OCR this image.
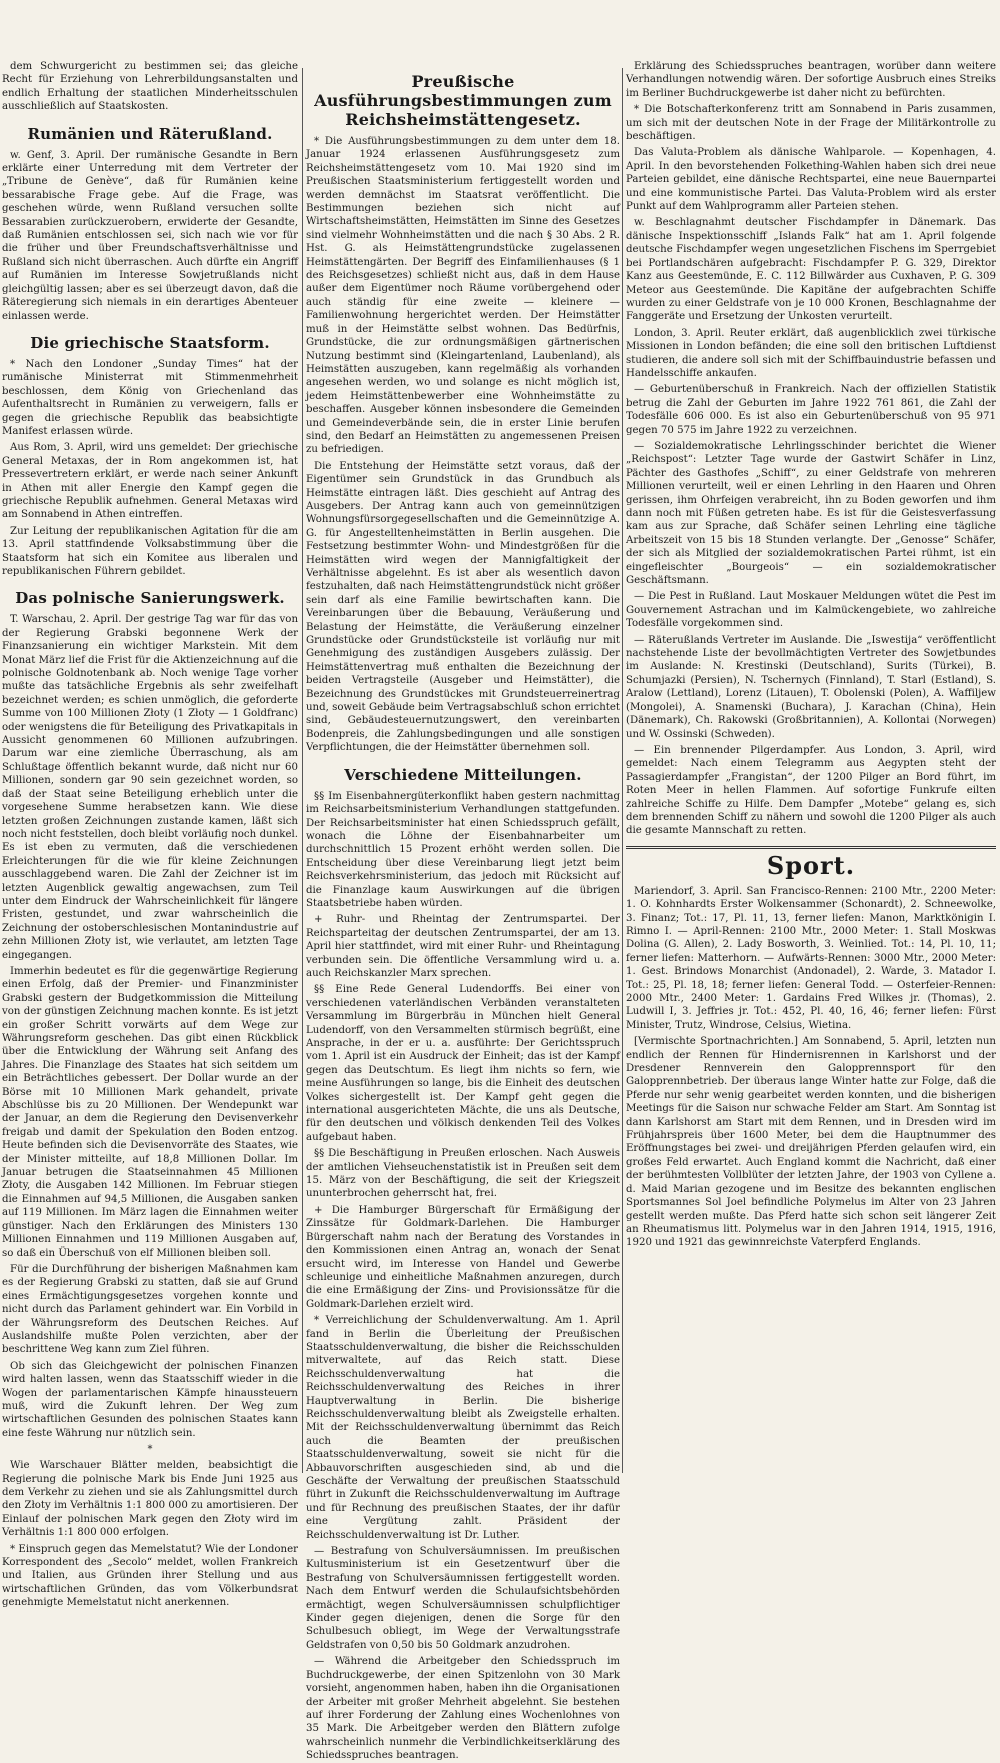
dem Schwurgericht zu bestimmen sei; das gleiche Recht für Erziehung von Lehrerbildungsanstalten und endlich Erhaltung der staatlichen Minderheitsschulen ausschließlich auf Staatskosten.

Rumänien und Räterußland.

w. Genf, 3. April. Der rumänische Gesandte in Bern erklärte einer Unterredung mit dem Vertreter der „Tribune de Genève“, daß für Rumänien keine bessarabische Frage gebe. Auf die Frage, was geschehen würde, wenn Rußland versuchen sollte Bessarabien zurückzuerobern, erwiderte der Gesandte, daß Rumänien entschlossen sei, sich nach wie vor für die früher und über Freundschaftsverhältnisse und Rußland sich nicht überraschen. Auch dürfte ein Angriff auf Rumänien im Interesse Sowjetrußlands nicht gleichgültig lassen; aber es sei überzeugt davon, daß die Räteregierung sich niemals in ein derartiges Abenteuer einlassen werde.

Die griechische Staatsform.

* Nach den Londoner „Sunday Times“ hat der rumänische Ministerrat mit Stimmenmehrheit beschlossen, dem König von Griechenland das Aufenthaltsrecht in Rumänien zu verweigern, falls er gegen die griechische Republik das beabsichtigte Manifest erlassen würde.

Aus Rom, 3. April, wird uns gemeldet: Der griechische General Metaxas, der in Rom angekommen ist, hat Pressevertretern erklärt, er werde nach seiner Ankunft in Athen mit aller Energie den Kampf gegen die griechische Republik aufnehmen. General Metaxas wird am Sonnabend in Athen eintreffen.

Zur Leitung der republikanischen Agitation für die am 13. April stattfindende Volksabstimmung über die Staatsform hat sich ein Komitee aus liberalen und republikanischen Führern gebildet.

Das polnische Sanierungswerk.

T. Warschau, 2. April. Der gestrige Tag war für das von der Regierung Grabski begonnene Werk der Finanzsanierung ein wichtiger Markstein. Mit dem Monat März lief die Frist für die Aktienzeichnung auf die polnische Goldnotenbank ab. Noch wenige Tage vorher mußte das tatsächliche Ergebnis als sehr zweifelhaft bezeichnet werden; es schien unmöglich, die geforderte Summe von 100 Millionen Złoty (1 Złoty — 1 Goldfranc) oder wenigstens die für Beteiligung des Privatkapitals in Aussicht genommenen 60 Millionen aufzubringen. Darum war eine ziemliche Überraschung, als am Schlußtage öffentlich bekannt wurde, daß nicht nur 60 Millionen, sondern gar 90 sein gezeichnet worden, so daß der Staat seine Beteiligung erheblich unter die vorgesehene Summe herabsetzen kann. Wie diese letzten großen Zeichnungen zustande kamen, läßt sich noch nicht feststellen, doch bleibt vorläufig noch dunkel. Es ist eben zu vermuten, daß die verschiedenen Erleichterungen für die wie für kleine Zeichnungen ausschlaggebend waren. Die Zahl der Zeichner ist im letzten Augenblick gewaltig angewachsen, zum Teil unter dem Eindruck der Wahrscheinlichkeit für längere Fristen, gestundet, und zwar wahrscheinlich die Zeichnung der ostoberschlesischen Montanindustrie auf zehn Millionen Złoty ist, wie verlautet, am letzten Tage eingegangen.

Immerhin bedeutet es für die gegenwärtige Regierung einen Erfolg, daß der Premier- und Finanzminister Grabski gestern der Budgetkommission die Mitteilung von der günstigen Zeichnung machen konnte. Es ist jetzt ein großer Schritt vorwärts auf dem Wege zur Währungsreform geschehen. Das gibt einen Rückblick über die Entwicklung der Währung seit Anfang des Jahres. Die Finanzlage des Staates hat sich seitdem um ein Beträchtliches gebessert. Der Dollar wurde an der Börse mit 10 Millionen Mark gehandelt, private Abschlüsse bis zu 20 Millionen. Der Wendepunkt war der Januar, an dem die Regierung den Devisenverkehr freigab und damit der Spekulation den Boden entzog. Heute befinden sich die Devisenvorräte des Staates, wie der Minister mitteilte, auf 18,8 Millionen Dollar. Im Januar betrugen die Staatseinnahmen 45 Millionen Złoty, die Ausgaben 142 Millionen. Im Februar stiegen die Einnahmen auf 94,5 Millionen, die Ausgaben sanken auf 119 Millionen. Im März lagen die Einnahmen weiter günstiger. Nach den Erklärungen des Ministers 130 Millionen Einnahmen und 119 Millionen Ausgaben auf, so daß ein Überschuß von elf Millionen bleiben soll.

Für die Durchführung der bisherigen Maßnahmen kam es der Regierung Grabski zu statten, daß sie auf Grund eines Ermächtigungsgesetzes vorgehen konnte und nicht durch das Parlament gehindert war. Ein Vorbild in der Währungsreform des Deutschen Reiches. Auf Auslandshilfe mußte Polen verzichten, aber der beschrittene Weg kann zum Ziel führen.

Ob sich das Gleichgewicht der polnischen Finanzen wird halten lassen, wenn das Staatsschiff wieder in die Wogen der parlamentarischen Kämpfe hinaussteuern muß, wird die Zukunft lehren. Der Weg zum wirtschaftlichen Gesunden des polnischen Staates kann eine feste Währung nur nützlich sein.

*

Wie Warschauer Blätter melden, beabsichtigt die Regierung die polnische Mark bis Ende Juni 1925 aus dem Verkehr zu ziehen und sie als Zahlungsmittel durch den Złoty im Verhältnis 1:1 800 000 zu amortisieren. Der Einlauf der polnischen Mark gegen den Złoty wird im Verhältnis 1:1 800 000 erfolgen.

* Einspruch gegen das Memelstatut? Wie der Londoner Korrespondent des „Secolo“ meldet, wollen Frankreich und Italien, aus Gründen ihrer Stellung und aus wirtschaftlichen Gründen, das vom Völkerbundsrat genehmigte Memelstatut nicht anerkennen.

Preußische Ausführungsbestimmungen zum Reichsheimstättengesetz.

* Die Ausführungsbestimmungen zu dem unter dem 18. Januar 1924 erlassenen Ausführungsgesetz zum Reichsheimstättengesetz vom 10. Mai 1920 sind im Preußischen Staatsministerium fertiggestellt worden und werden demnächst im Staatsrat veröffentlicht. Die Bestimmungen beziehen sich nicht auf Wirtschaftsheimstätten, Heimstätten im Sinne des Gesetzes sind vielmehr Wohnheimstätten und die nach § 30 Abs. 2 R. Hst. G. als Heimstättengrundstücke zugelassenen Heimstättengärten. Der Begriff des Einfamilienhauses (§ 1 des Reichsgesetzes) schließt nicht aus, daß in dem Hause außer dem Eigentümer noch Räume vorübergehend oder auch ständig für eine zweite — kleinere — Familienwohnung hergerichtet werden. Der Heimstätter muß in der Heimstätte selbst wohnen. Das Bedürfnis, Grundstücke, die zur ordnungsmäßigen gärtnerischen Nutzung bestimmt sind (Kleingartenland, Laubenland), als Heimstätten auszugeben, kann regelmäßig als vorhanden angesehen werden, wo und solange es nicht möglich ist, jedem Heimstättenbewerber eine Wohnheimstätte zu beschaffen. Ausgeber können insbesondere die Gemeinden und Gemeindeverbände sein, die in erster Linie berufen sind, den Bedarf an Heimstätten zu angemessenen Preisen zu befriedigen.

Die Entstehung der Heimstätte setzt voraus, daß der Eigentümer sein Grundstück in das Grundbuch als Heimstätte eintragen läßt. Dies geschieht auf Antrag des Ausgebers. Der Antrag kann auch von gemeinnützigen Wohnungsfürsorgegesellschaften und die Gemeinnützige A. G. für Angestelltenheimstätten in Berlin ausgehen. Die Festsetzung bestimmter Wohn- und Mindestgrößen für die Heimstätten wird wegen der Mannigfaltigkeit der Verhältnisse abgelehnt. Es ist aber als wesentlich davon festzuhalten, daß nach Heimstättengrundstück nicht größer sein darf als eine Familie bewirtschaften kann. Die Vereinbarungen über die Bebauung, Veräußerung und Belastung der Heimstätte, die Veräußerung einzelner Grundstücke oder Grundstücksteile ist vorläufig nur mit Genehmigung des zuständigen Ausgebers zulässig. Der Heimstättenvertrag muß enthalten die Bezeichnung der beiden Vertragsteile (Ausgeber und Heimstätter), die Bezeichnung des Grundstückes mit Grundsteuerreinertrag und, soweit Gebäude beim Vertragsabschluß schon errichtet sind, Gebäudesteuernutzungswert, den vereinbarten Bodenpreis, die Zahlungsbedingungen und alle sonstigen Verpflichtungen, die der Heimstätter übernehmen soll.

Verschiedene Mitteilungen.

§§ Im Eisenbahnergüterkonflikt haben gestern nachmittag im Reichsarbeitsministerium Verhandlungen stattgefunden. Der Reichsarbeitsminister hat einen Schiedsspruch gefällt, wonach die Löhne der Eisenbahnarbeiter um durchschnittlich 15 Prozent erhöht werden sollen. Die Entscheidung über diese Vereinbarung liegt jetzt beim Reichsverkehrsministerium, das jedoch mit Rücksicht auf die Finanzlage kaum Auswirkungen auf die übrigen Staatsbetriebe haben würden.

+ Ruhr- und Rheintag der Zentrumspartei. Der Reichsparteitag der deutschen Zentrumspartei, der am 13. April hier stattfindet, wird mit einer Ruhr- und Rheintagung verbunden sein. Die öffentliche Versammlung wird u. a. auch Reichskanzler Marx sprechen.

§§ Eine Rede General Ludendorffs. Bei einer von verschiedenen vaterländischen Verbänden veranstalteten Versammlung im Bürgerbräu in München hielt General Ludendorff, von den Versammelten stürmisch begrüßt, eine Ansprache, in der er u. a. ausführte: Der Gerichtsspruch vom 1. April ist ein Ausdruck der Einheit; das ist der Kampf gegen das Deutschtum. Es liegt ihm nichts so fern, wie meine Ausführungen so lange, bis die Einheit des deutschen Volkes sichergestellt ist. Der Kampf geht gegen die international ausgerichteten Mächte, die uns als Deutsche, für den deutschen und völkisch denkenden Teil des Volkes aufgebaut haben.

§§ Die Beschäftigung in Preußen erloschen. Nach Ausweis der amtlichen Viehseuchenstatistik ist in Preußen seit dem 15. März von der Beschäftigung, die seit der Kriegszeit ununterbrochen geherrscht hat, frei.

+ Die Hamburger Bürgerschaft für Ermäßigung der Zinssätze für Goldmark-Darlehen. Die Hamburger Bürgerschaft nahm nach der Beratung des Vorstandes in den Kommissionen einen Antrag an, wonach der Senat ersucht wird, im Interesse von Handel und Gewerbe schleunige und einheitliche Maßnahmen anzuregen, durch die eine Ermäßigung der Zins- und Provisionssätze für die Goldmark-Darlehen erzielt wird.

* Verreichlichung der Schuldenverwaltung. Am 1. April fand in Berlin die Überleitung der Preußischen Staatsschuldenverwaltung, die bisher die Reichsschulden mitverwaltete, auf das Reich statt. Diese Reichsschuldenverwaltung hat die Reichsschuldenverwaltung des Reiches in ihrer Hauptverwaltung in Berlin. Die bisherige Reichsschuldenverwaltung bleibt als Zweigstelle erhalten. Mit der Reichsschuldenverwaltung übernimmt das Reich auch die Beamten der preußischen Staatsschuldenverwaltung, soweit sie nicht für die Abbauvorschriften ausgeschieden sind, ab und die Geschäfte der Verwaltung der preußischen Staatsschuld führt in Zukunft die Reichsschuldenverwaltung im Auftrage und für Rechnung des preußischen Staates, der ihr dafür eine Vergütung zahlt. Präsident der Reichsschuldenverwaltung ist Dr. Luther.

— Bestrafung von Schulversäumnissen. Im preußischen Kultusministerium ist ein Gesetzentwurf über die Bestrafung von Schulversäumnissen fertiggestellt worden. Nach dem Entwurf werden die Schulaufsichtsbehörden ermächtigt, wegen Schulversäumnissen schulpflichtiger Kinder gegen diejenigen, denen die Sorge für den Schulbesuch obliegt, im Wege der Verwaltungsstrafe Geldstrafen von 0,50 bis 50 Goldmark anzudrohen.

— Während die Arbeitgeber den Schiedsspruch im Buchdruckgewerbe, der einen Spitzenlohn von 30 Mark vorsieht, angenommen haben, haben ihn die Organisationen der Arbeiter mit großer Mehrheit abgelehnt. Sie bestehen auf ihrer Forderung der Zahlung eines Wochenlohnes von 35 Mark. Die Arbeitgeber werden den Blättern zufolge wahrscheinlich nunmehr die Verbindlichkeitserklärung des Schiedsspruches beantragen.

Erklärung des Schiedsspruches beantragen, worüber dann weitere Verhandlungen notwendig wären. Der sofortige Ausbruch eines Streiks im Berliner Buchdruckgewerbe ist daher nicht zu befürchten.

* Die Botschafterkonferenz tritt am Sonnabend in Paris zusammen, um sich mit der deutschen Note in der Frage der Militärkontrolle zu beschäftigen.

Das Valuta-Problem als dänische Wahlparole. — Kopenhagen, 4. April. In den bevorstehenden Folkething-Wahlen haben sich drei neue Parteien gebildet, eine dänische Rechtspartei, eine neue Bauernpartei und eine kommunistische Partei. Das Valuta-Problem wird als erster Punkt auf dem Wahlprogramm aller Parteien stehen.

w. Beschlagnahmt deutscher Fischdampfer in Dänemark. Das dänische Inspektionsschiff „Islands Falk“ hat am 1. April folgende deutsche Fischdampfer wegen ungesetzlichen Fischens im Sperrgebiet bei Portlandschären aufgebracht: Fischdampfer P. G. 329, Direktor Kanz aus Geestemünde, E. C. 112 Billwärder aus Cuxhaven, P. G. 309 Meteor aus Geestemünde. Die Kapitäne der aufgebrachten Schiffe wurden zu einer Geldstrafe von je 10 000 Kronen, Beschlagnahme der Fanggeräte und Ersetzung der Unkosten verurteilt.

London, 3. April. Reuter erklärt, daß augenblicklich zwei türkische Missionen in London befänden; die eine soll den britischen Luftdienst studieren, die andere soll sich mit der Schiffbauindustrie befassen und Handelsschiffe ankaufen.

— Geburtenüberschuß in Frankreich. Nach der offiziellen Statistik betrug die Zahl der Geburten im Jahre 1922 761 861, die Zahl der Todesfälle 606 000. Es ist also ein Geburtenüberschuß von 95 971 gegen 70 575 im Jahre 1922 zu verzeichnen.

— Sozialdemokratische Lehrlingsschinder berichtet die Wiener „Reichspost“: Letzter Tage wurde der Gastwirt Schäfer in Linz, Pächter des Gasthofes „Schiff“, zu einer Geldstrafe von mehreren Millionen verurteilt, weil er einen Lehrling in den Haaren und Ohren gerissen, ihm Ohrfeigen verabreicht, ihn zu Boden geworfen und ihm dann noch mit Füßen getreten habe. Es ist für die Geistesverfassung kam aus zur Sprache, daß Schäfer seinen Lehrling eine tägliche Arbeitszeit von 15 bis 18 Stunden verlangte. Der „Genosse“ Schäfer, der sich als Mitglied der sozialdemokratischen Partei rühmt, ist ein eingefleischter „Bourgeois“ — ein sozialdemokratischer Geschäftsmann.

— Die Pest in Rußland. Laut Moskauer Meldungen wütet die Pest im Gouvernement Astrachan und im Kalmückengebiete, wo zahlreiche Todesfälle vorgekommen sind.

— Räterußlands Vertreter im Auslande. Die „Iswestija“ veröffentlicht nachstehende Liste der bevollmächtigten Vertreter des Sowjetbundes im Auslande: N. Krestinski (Deutschland), Surits (Türkei), B. Schumjazki (Persien), N. Tschernych (Finnland), T. Starl (Estland), S. Aralow (Lettland), Lorenz (Litauen), T. Obolenski (Polen), A. Waffiljew (Mongolei), A. Snamenski (Buchara), J. Karachan (China), Hein (Dänemark), Ch. Rakowski (Großbritannien), A. Kollontai (Norwegen) und W. Ossinski (Schweden).

— Ein brennender Pilgerdampfer. Aus London, 3. April, wird gemeldet: Nach einem Telegramm aus Aegypten steht der Passagierdampfer „Frangistan“, der 1200 Pilger an Bord führt, im Roten Meer in hellen Flammen. Auf sofortige Funkrufe eilten zahlreiche Schiffe zu Hilfe. Dem Dampfer „Motebe“ gelang es, sich dem brennenden Schiff zu nähern und sowohl die 1200 Pilger als auch die gesamte Mannschaft zu retten.

Sport.

Mariendorf, 3. April. San Francisco-Rennen: 2100 Mtr., 2200 Meter: 1. O. Kohnhardts Erster Wolkensammer (Schonardt), 2. Schneewolke, 3. Finanz; Tot.: 17, Pl. 11, 13, ferner liefen: Manon, Marktkönigin I. Rimno I. — April-Rennen: 2100 Mtr., 2000 Meter: 1. Stall Moskwas Dolina (G. Allen), 2. Lady Bosworth, 3. Weinlied. Tot.: 14, Pl. 10, 11; ferner liefen: Matterhorn. — Aufwärts-Rennen: 3000 Mtr., 2000 Meter: 1. Gest. Brindows Monarchist (Andonadel), 2. Warde, 3. Matador I. Tot.: 25, Pl. 18, 18; ferner liefen: General Todd. — Osterfeier-Rennen: 2000 Mtr., 2400 Meter: 1. Gardains Fred Wilkes jr. (Thomas), 2. Ludwill I, 3. Jeffries jr. Tot.: 452, Pl. 40, 16, 46; ferner liefen: Fürst Minister, Trutz, Windrose, Celsius, Wietina.

[Vermischte Sportnachrichten.] Am Sonnabend, 5. April, letzten nun endlich der Rennen für Hindernisrennen in Karlshorst und der Dresdener Rennverein den Galopprennsport für den Galopprennbetrieb. Der überaus lange Winter hatte zur Folge, daß die Pferde nur sehr wenig gearbeitet werden konnten, und die bisherigen Meetings für die Saison nur schwache Felder am Start. Am Sonntag ist dann Karlshorst am Start mit dem Rennen, und in Dresden wird im Frühjahrspreis über 1600 Meter, bei dem die Hauptnummer des Eröffnungstages bei zwei- und dreijährigen Pferden gelaufen wird, ein großes Feld erwartet. Auch England kommt die Nachricht, daß einer der berühmtesten Vollblüter der letzten Jahre, der 1903 von Cyllene a. d. Maid Marian gezogene und im Besitze des bekannten englischen Sportsmannes Sol Joel befindliche Polymelus im Alter von 23 Jahren gestellt werden mußte. Das Pferd hatte sich schon seit längerer Zeit an Rheumatismus litt. Polymelus war in den Jahren 1914, 1915, 1916, 1920 und 1921 das gewinnreichste Vaterpferd Englands.
